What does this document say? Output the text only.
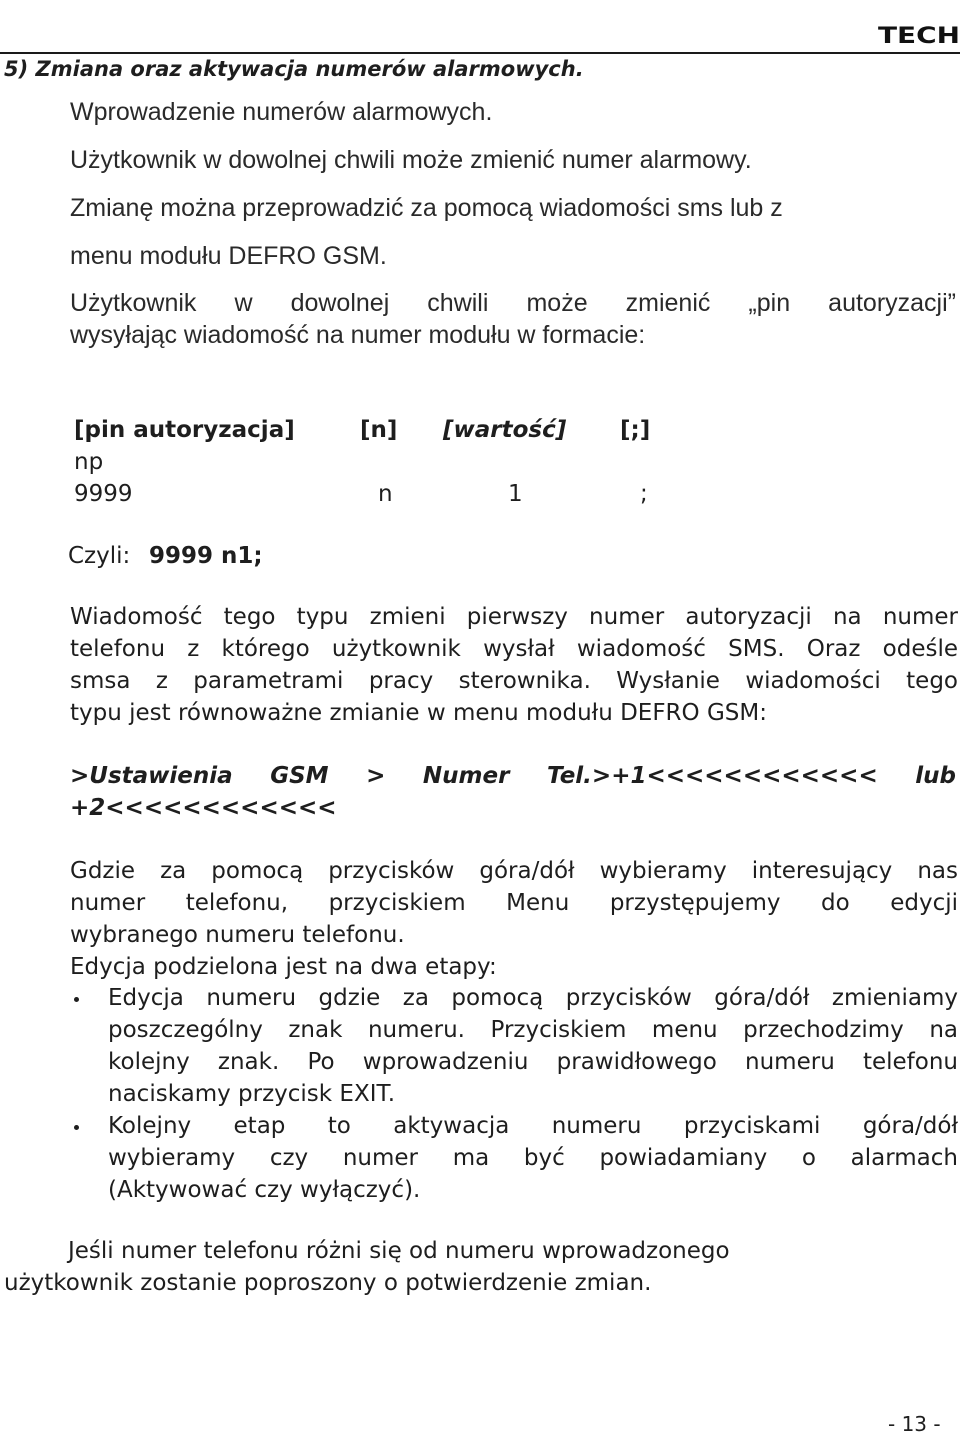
TECH
5) Zmiana oraz aktywacja numerów alarmowych.
Wprowadzenie numerów alarmowych.
Użytkownik w dowolnej chwili może zmienić numer alarmowy.
Zmianę można przeprowadzić za pomocą wiadomości sms lub z
menu modułu DEFRO GSM.
Użytkownik w dowolnej chwili może zmienić „pin autoryzacji”
wysyłając wiadomość na numer modułu w formacie:
[pin autoryzacja]	[n] [wartość] [;]
np
9999	n	1	;
Czyli: 9999 n1;
Wiadomość tego typu zmieni pierwszy numer autoryzacji na numer
telefonu z którego użytkownik wysłał wiadomość SMS. Oraz odeśle
smsa z parametrami pracy sterownika. Wysłanie wiadomości tego
typu jest równoważne zmianie w menu modułu DEFRO GSM:
>Ustawienia GSM > Numer Tel.>+1<<<<<<<<<<<< lub
+2<<<<<<<<<<<<
Gdzie za pomocą przycisków góra/dół wybieramy interesujący nas
numer telefonu, przyciskiem Menu przystępujemy do edycji
wybranego numeru telefonu.
Edycja podzielona jest na dwa etapy:
Edycja numeru gdzie za pomocą przycisków góra/dół zmieniamy
poszczególny znak numeru. Przyciskiem menu przechodzimy na
kolejny znak. Po wprowadzeniu prawidłowego numeru telefonu
naciskamy przycisk EXIT.
Kolejny etap to aktywacja numeru przyciskami góra/dół
wybieramy czy numer ma być powiadamiany o alarmach
(Aktywować czy wyłączyć).
Jeśli numer telefonu różni się od numeru wprowadzonego
użytkownik zostanie poproszony o potwierdzenie zmian.
- 13 -
